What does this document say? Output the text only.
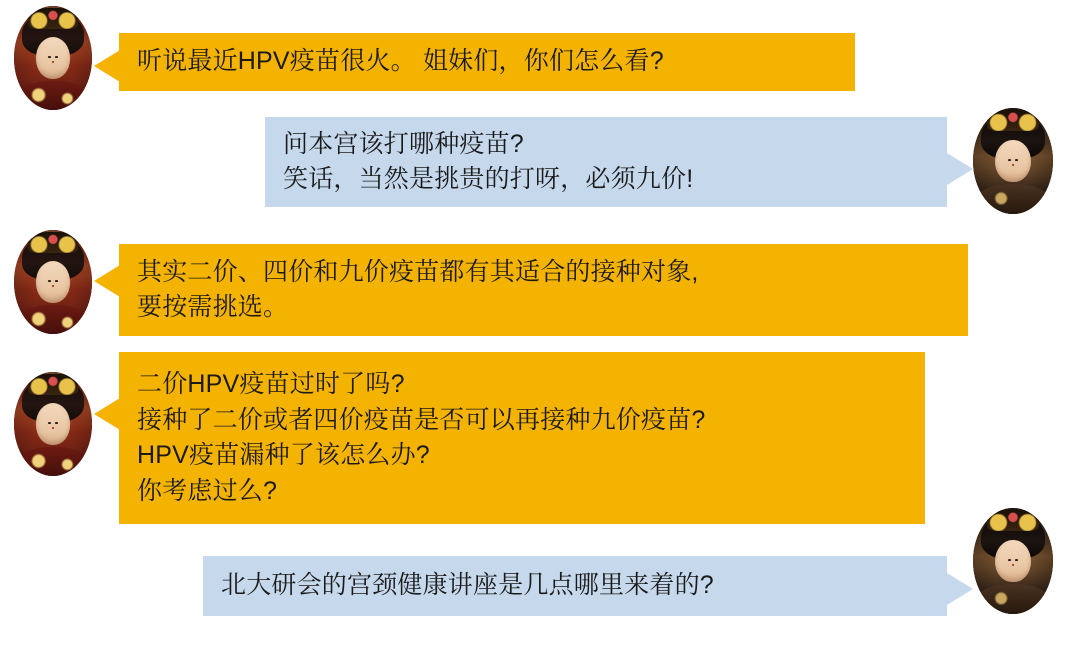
听说最近HPV疫苗很火。 姐妹们，你们怎么看?
问本宫该打哪种疫苗?
笑话，当然是挑贵的打呀，必须九价!
其实二价、四价和九价疫苗都有其适合的接种对象,
要按需挑选。
二价HPV疫苗过时了吗?
接种了二价或者四价疫苗是否可以再接种九价疫苗?
HPV疫苗漏种了该怎么办?
你考虑过么?
北大研会的宫颈健康讲座是几点哪里来着的?
